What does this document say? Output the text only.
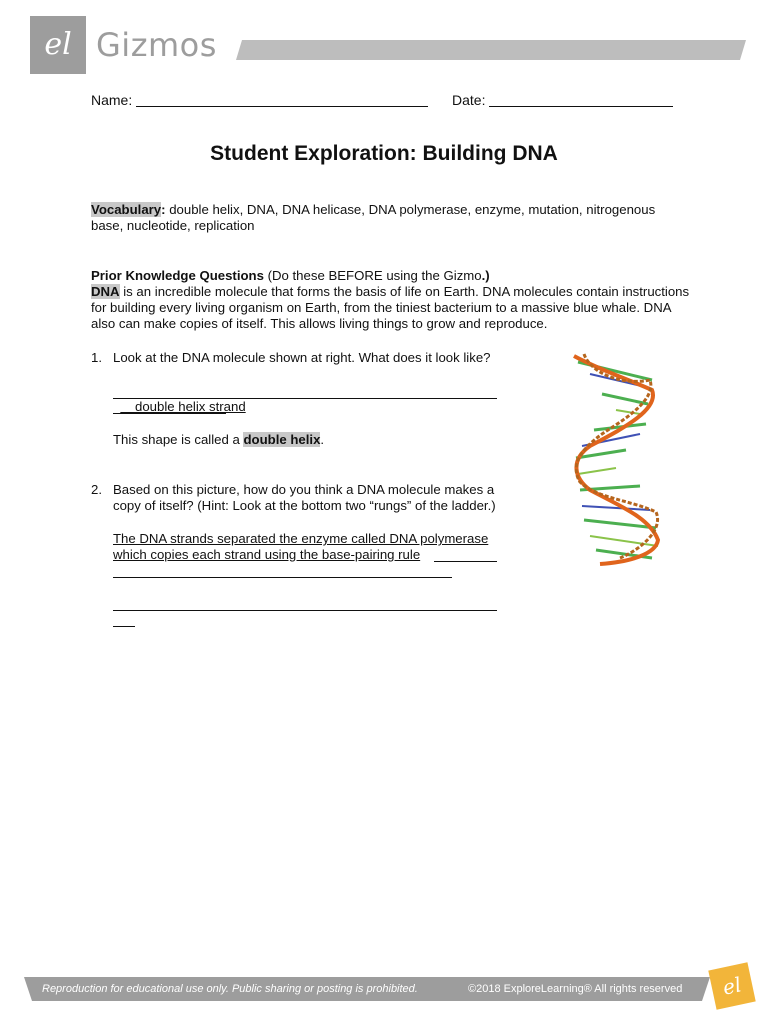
el Gizmos
Name:	Date:
Student Exploration: Building DNA
Vocabulary: double helix, DNA, DNA helicase, DNA polymerase, enzyme, mutation, nitrogenous base, nucleotide, replication
Prior Knowledge Questions (Do these BEFORE using the Gizmo.)
DNA is an incredible molecule that forms the basis of life on Earth. DNA molecules contain instructions for building every living organism on Earth, from the tiniest bacterium to a massive blue whale. DNA also can make copies of itself. This allows living things to grow and reproduce.
1. Look at the DNA molecule shown at right. What does it look like?

double helix strand

This shape is called a double helix.
2. Based on this picture, how do you think a DNA molecule makes a copy of itself? (Hint: Look at the bottom two “rungs” of the ladder.)
The DNA strands separated the enzyme called DNA polymerase
which copies each strand using the base-pairing rule
Reproduction for educational use only. Public sharing or posting is prohibited.	©2018 ExploreLearning® All rights reserved el
